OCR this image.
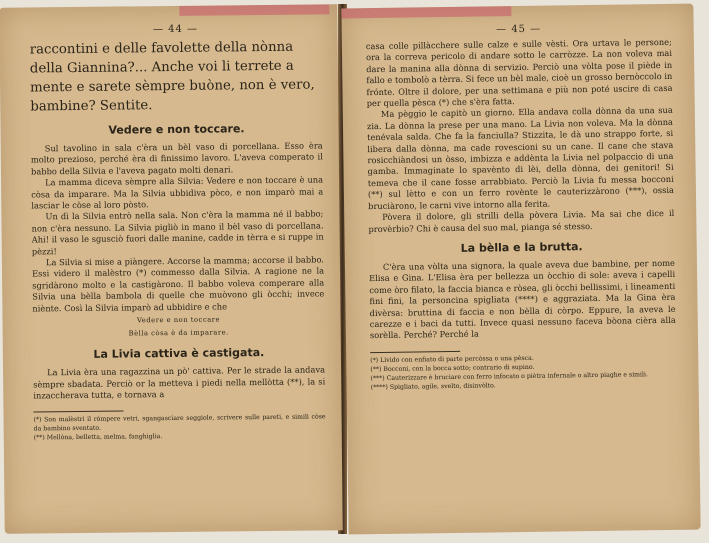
— 44 —
raccontini e delle favolette della nònna della Giannina?... Anche voi li terrete a mente e sarete sèmpre buòne, non è vero, bambine? Sentite.
Vedere e non toccare.

Sul tavolino in sala c'èra un bèl vaso di porcellana. Esso èra molto prezioso, perché èra di finissimo lavoro. L'aveva comperato il babbo della Silvia e l'aveva pagato molti denari.

La mamma diceva sèmpre alla Silvia: Vedere e non toccare è una còsa da imparare. Ma la Silvia ubbidiva pòco, e non imparò mai a lasciar le còse al loro pòsto.

Un dì la Silvia entrò nella sala. Non c'èra la mamma né il babbo; non c'èra nessuno. La Silvia pigliò in mano il bèl vaso di porcellana. Ahi! il vaso le sgusciò fuori dalle manine, cadde in tèrra e si ruppe in pèzzi!

La Silvia si mise a piàngere. Accorse la mamma; accorse il babbo. Essi videro il malèstro (*) commesso dalla Silvia. A ragione ne la sgridàrono molto e la castigàrono. Il babbo voleva comperare alla Silvia una bèlla bambola di quelle che muòvono gli òcchi; invece niènte. Così la Silvia imparò ad ubbidire e che

Vedere e non toccare
Bèlla còsa è da imparare.
La Livia cattiva è castigata.

La Livia èra una ragazzina un pò' cattiva. Per le strade la andava sèmpre sbadata. Perciò or la metteva i piedi nella mellòtta (**), la si inzaccherava tutta, e tornava a

(*) Son malèstri il rómpere vetri, sgangasciare seggiole, scrivere sulle pareti, e simili còse da bambino sventato.

(**) Mellòna, belletta, melma, fanghiglia.

— 45 —

casa colle pillàcchere sulle calze e sulle vèsti. Ora urtava le persone; ora la correva pericolo di andare sotto le carròzze. La non voleva mai dare la manina alla dònna di servizio. Perciò una vòlta pose il piède in fallo e tombolò a tèrra. Si fece un bèl male, cioè un grosso bernòccolo in frónte. Oltre il dolore, per una settimana e più non poté uscire di casa per quella pèsca (*) che s'èra fatta.

Ma pèggio le capitò un giorno. Ella andava colla dònna da una sua zia. La dònna la prese per una mano. La Livia non voleva. Ma la dònna tenévala salda. Che fa la fanciulla? Stizzita, le dà uno strappo forte, si libera dalla dònna, ma cade rovescioni su un cane. Il cane che stava rosicchiàndosi un òsso, imbizza e addènta la Livia nel polpaccio di una gamba. Immaginate lo spavènto di lèi, della dònna, dei genitori! Si temeva che il cane fosse arrabbiato. Perciò la Livia fu messa bocconi (**) sul lètto e con un ferro rovènte le cauterizzàrono (***), ossia bruciàrono, le carni vive intorno alla ferita.

Pòvera il dolore, gli strilli della pòvera Livia. Ma sai che dice il provèrbio? Chi è causa del suo mal, pianga sé stesso.

La bèlla e la brutta.

C'èra una vòlta una signora, la quale aveva due bambine, per nome Elisa e Gina. L'Elisa èra per bellezza un òcchio di sole: aveva i capelli come òro filato, la faccia bianca e ròsea, gli òcchi bellissimi, i lineamenti fini fini, la personcina spigliata (****) e aggraziata. Ma la Gina èra divèrsa: bruttina di faccia e non bèlla di còrpo. Eppure, la aveva le carezze e i baci da tutti. Invece quasi nessuno faceva bòona cièra alla sorèlla. Perché? Perché la

(*) Livido con enfiato di parte percòssa o una pèsca.

(**) Bocconi, con la bocca sotto; contrario di supino.

(***) Cauterizzare è bruciare con ferro infocato o piètra infernale o altro piaghe e simili.

(****) Spigliato, agile, svelto, disinvòlto.
